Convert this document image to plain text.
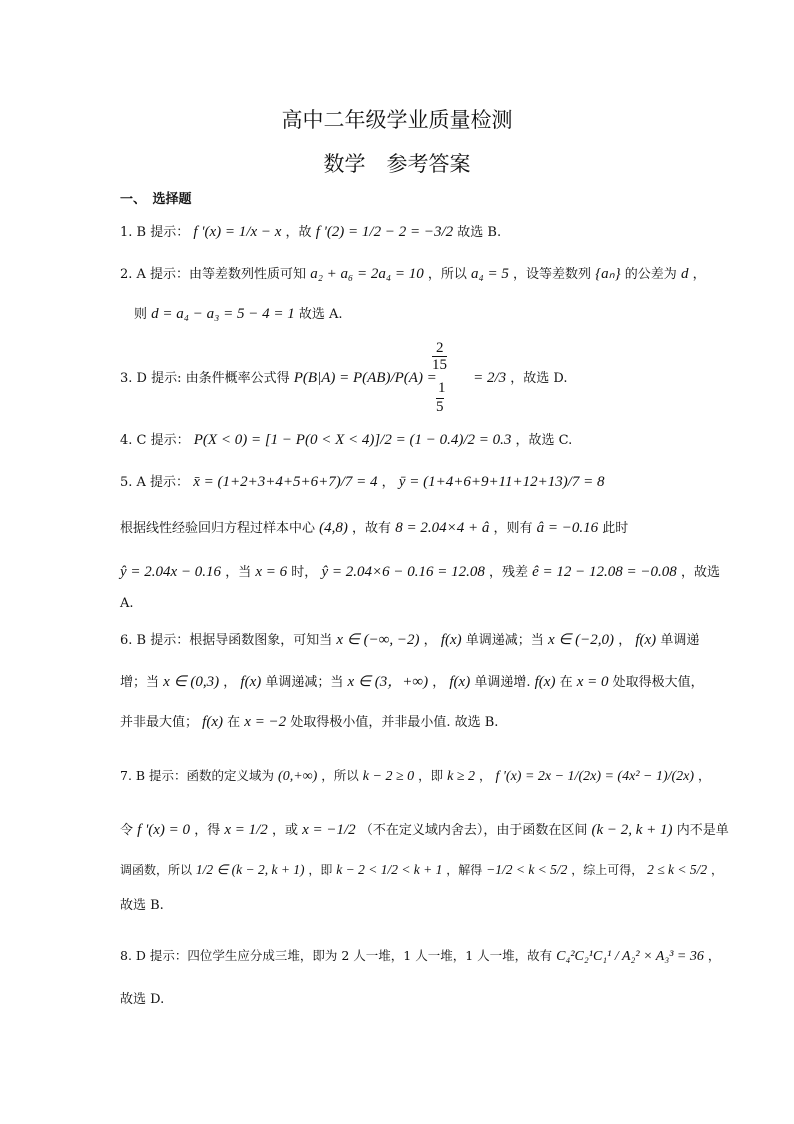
高中二年级学业质量检测
数学　参考答案
一、　选择题
1. B 提示： f '(x) = 1/x − x ，故 f '(2) = 1/2 − 2 = −3/2 故选 B.
2. A 提示：由等差数列性质可知 a₂ + a₆ = 2a₄ = 10 ，所以 a₄ = 5 ，设等差数列 {aₙ} 的公差为 d ，
则 d = a₄ − a₃ = 5 − 4 = 1 故选 A.
3. D 提示: 由条件概率公式得 P(B|A) = P(AB)/P(A) = = 2/3 ，故选 D.
2
15
1
5
4. C 提示： P(X < 0) = [1 − P(0 < X < 4)]/2 = (1 − 0.4)/2 = 0.3 ，故选 C.
5. A 提示： x̄ = (1+2+3+4+5+6+7)/7 = 4 ， ȳ = (1+4+6+9+11+12+13)/7 = 8
根据线性经验回归方程过样本中心 (4,8) ，故有 8 = 2.04×4 + â ，则有 â = −0.16 此时
ŷ = 2.04x − 0.16 ，当 x = 6 时， ŷ = 2.04×6 − 0.16 = 12.08 ，残差 ê = 12 − 12.08 = −0.08 ，故选
A.
6. B 提示：根据导函数图象，可知当 x ∈ (−∞, −2) ， f(x) 单调递减；当 x ∈ (−2,0) ， f(x) 单调递
增；当 x ∈ (0,3) ， f(x) 单调递减；当 x ∈ (3，+∞) ， f(x) 单调递增. f(x) 在 x = 0 处取得极大值，
并非最大值； f(x) 在 x = −2 处取得极小值，并非最小值. 故选 B.
7. B 提示：函数的定义域为 (0,+∞) ，所以 k − 2 ≥ 0 ，即 k ≥ 2 ， f '(x) = 2x − 1/(2x) = (4x² − 1)/(2x) ，
令 f '(x) = 0 ，得 x = 1/2 ，或 x = −1/2 （不在定义域内舍去），由于函数在区间 (k − 2, k + 1) 内不是单
调函数，所以 1/2 ∈ (k − 2, k + 1) ，即 k − 2 < 1/2 < k + 1 ，解得 −1/2 < k < 5/2 ，综上可得， 2 ≤ k < 5/2 ，
故选 B.
8. D 提示：四位学生应分成三堆，即为 2 人一堆，1 人一堆，1 人一堆，故有 C₄²C₂¹C₁¹ / A₂² × A₃³ = 36 ，
故选 D.
